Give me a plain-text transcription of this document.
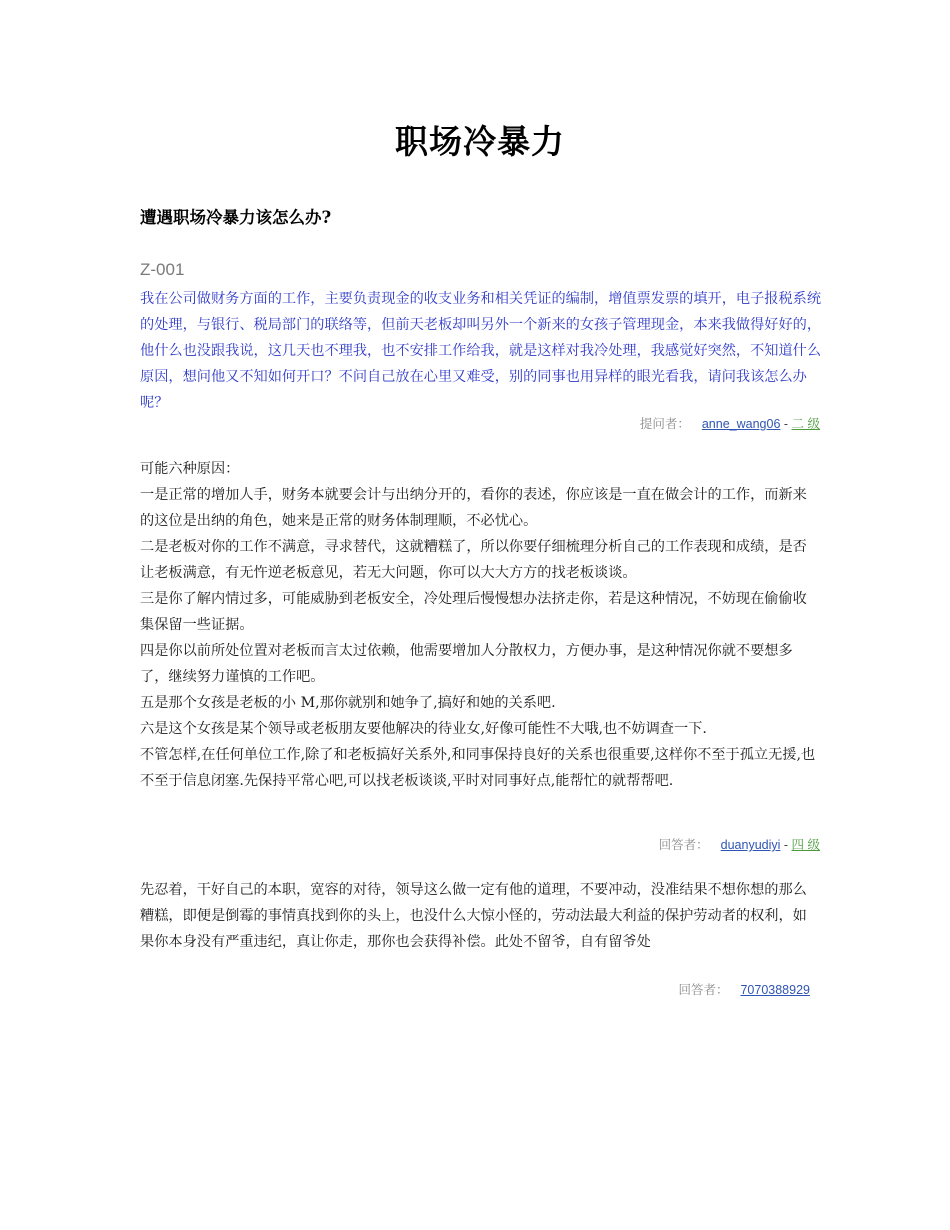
职场冷暴力
遭遇职场冷暴力该怎么办?
Z-001
我在公司做财务方面的工作，主要负责现金的收支业务和相关凭证的编制，增值票发票的填开，电子报税系统的处理，与银行、税局部门的联络等，但前天老板却叫另外一个新来的女孩子管理现金，本来我做得好好的，他什么也没跟我说，这几天也不理我，也不安排工作给我，就是这样对我冷处理，我感觉好突然，不知道什么原因，想问他又不知如何开口？不问自己放在心里又难受，别的同事也用异样的眼光看我，请问我该怎么办呢？
提问者： anne_wang06 - 二 级

可能六种原因：

一是正常的增加人手，财务本就要会计与出纳分开的，看你的表述，你应该是一直在做会计的工作，而新来的这位是出纳的角色，她来是正常的财务体制理顺，不必忧心。

二是老板对你的工作不满意，寻求替代，这就糟糕了，所以你要仔细梳理分析自己的工作表现和成绩，是否让老板满意，有无忤逆老板意见，若无大问题，你可以大大方方的找老板谈谈。

三是你了解内情过多，可能威胁到老板安全，冷处理后慢慢想办法挤走你，若是这种情况，不妨现在偷偷收集保留一些证据。

四是你以前所处位置对老板而言太过依赖，他需要增加人分散权力，方便办事，是这种情况你就不要想多了，继续努力谨慎的工作吧。

五是那个女孩是老板的小 M,那你就别和她争了,搞好和她的关系吧.

六是这个女孩是某个领导或老板朋友要他解决的待业女,好像可能性不大哦,也不妨调查一下.

不管怎样,在任何单位工作,除了和老板搞好关系外,和同事保持良好的关系也很重要,这样你不至于孤立无援,也不至于信息闭塞.先保持平常心吧,可以找老板谈谈,平时对同事好点,能帮忙的就帮帮吧.

回答者： duanyudiyi - 四 级

先忍着，干好自己的本职，宽容的对待，领导这么做一定有他的道理，不要冲动，没准结果不想你想的那么糟糕，即便是倒霉的事情真找到你的头上，也没什么大惊小怪的，劳动法最大利益的保护劳动者的权利，如果你本身没有严重违纪，真让你走，那你也会获得补偿。此处不留爷，自有留爷处

回答者： 7070388929
